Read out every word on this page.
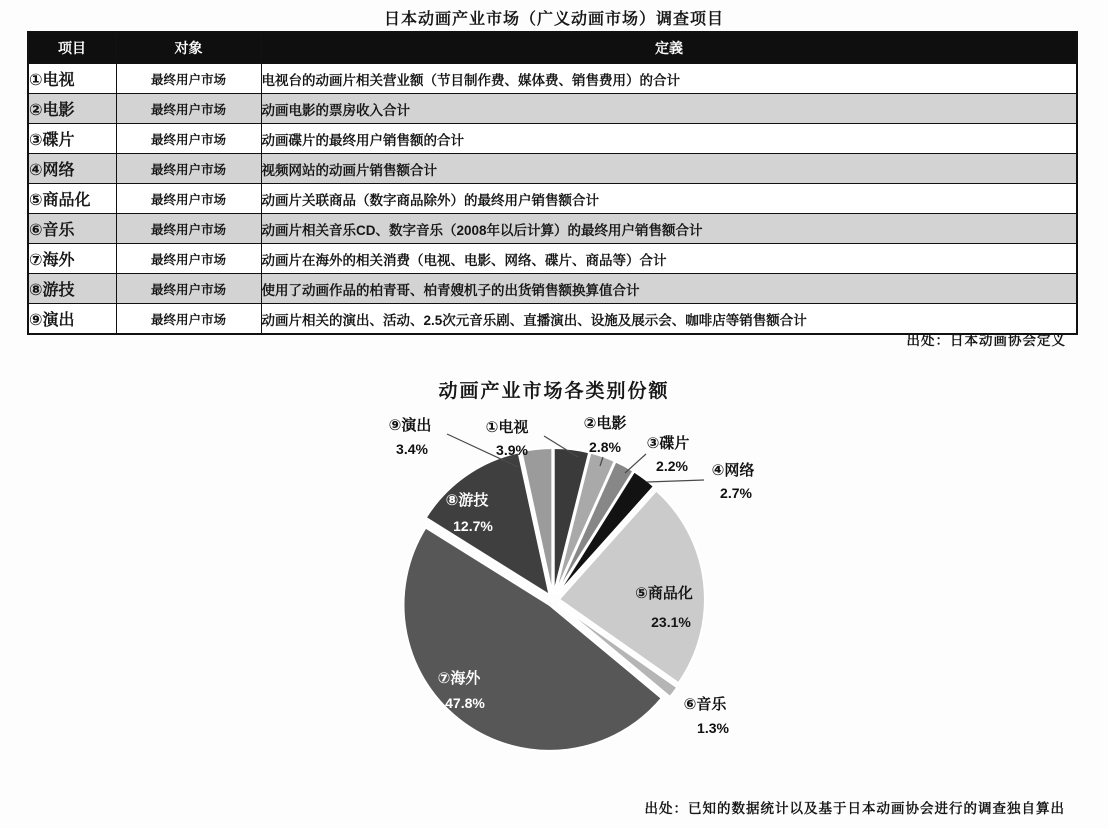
日本动画产业市场（广义动画市场）调查项目
项目	对象	定義
①电视	最终用户市场	电视台的动画片相关营业额（节目制作费、媒体费、销售费用）的合计
②电影	最终用户市场	动画电影的票房收入合计
③碟片	最终用户市场	动画碟片的最终用户销售额的合计
④网络	最终用户市场	视频网站的动画片销售额合计
⑤商品化	最终用户市场	动画片关联商品（数字商品除外）的最终用户销售额合计
⑥音乐	最终用户市场	动画片相关音乐CD、数字音乐（2008年以后计算）的最终用户销售额合计
⑦海外	最终用户市场	动画片在海外的相关消费（电视、电影、网络、碟片、商品等）合计
⑧游技	最终用户市场	使用了动画作品的柏青哥、柏青嫂机子的出货销售额换算值合计
⑨演出	最终用户市场	动画片相关的演出、活动、2.5次元音乐剧、直播演出、设施及展示会、咖啡店等销售额合计
出处：日本动画协会定义
动画产业市场各类别份额
①电视
3.9%
②电影
2.8% ③碟片
2.2% ④网络
2.7%
⑤商品化
23.1%
⑥音乐
1.3%
⑦海外
47.8%
⑧游技
12.7%
⑨演出
3.4%
出处：已知的数据统计以及基于日本动画协会进行的调查独自算出
